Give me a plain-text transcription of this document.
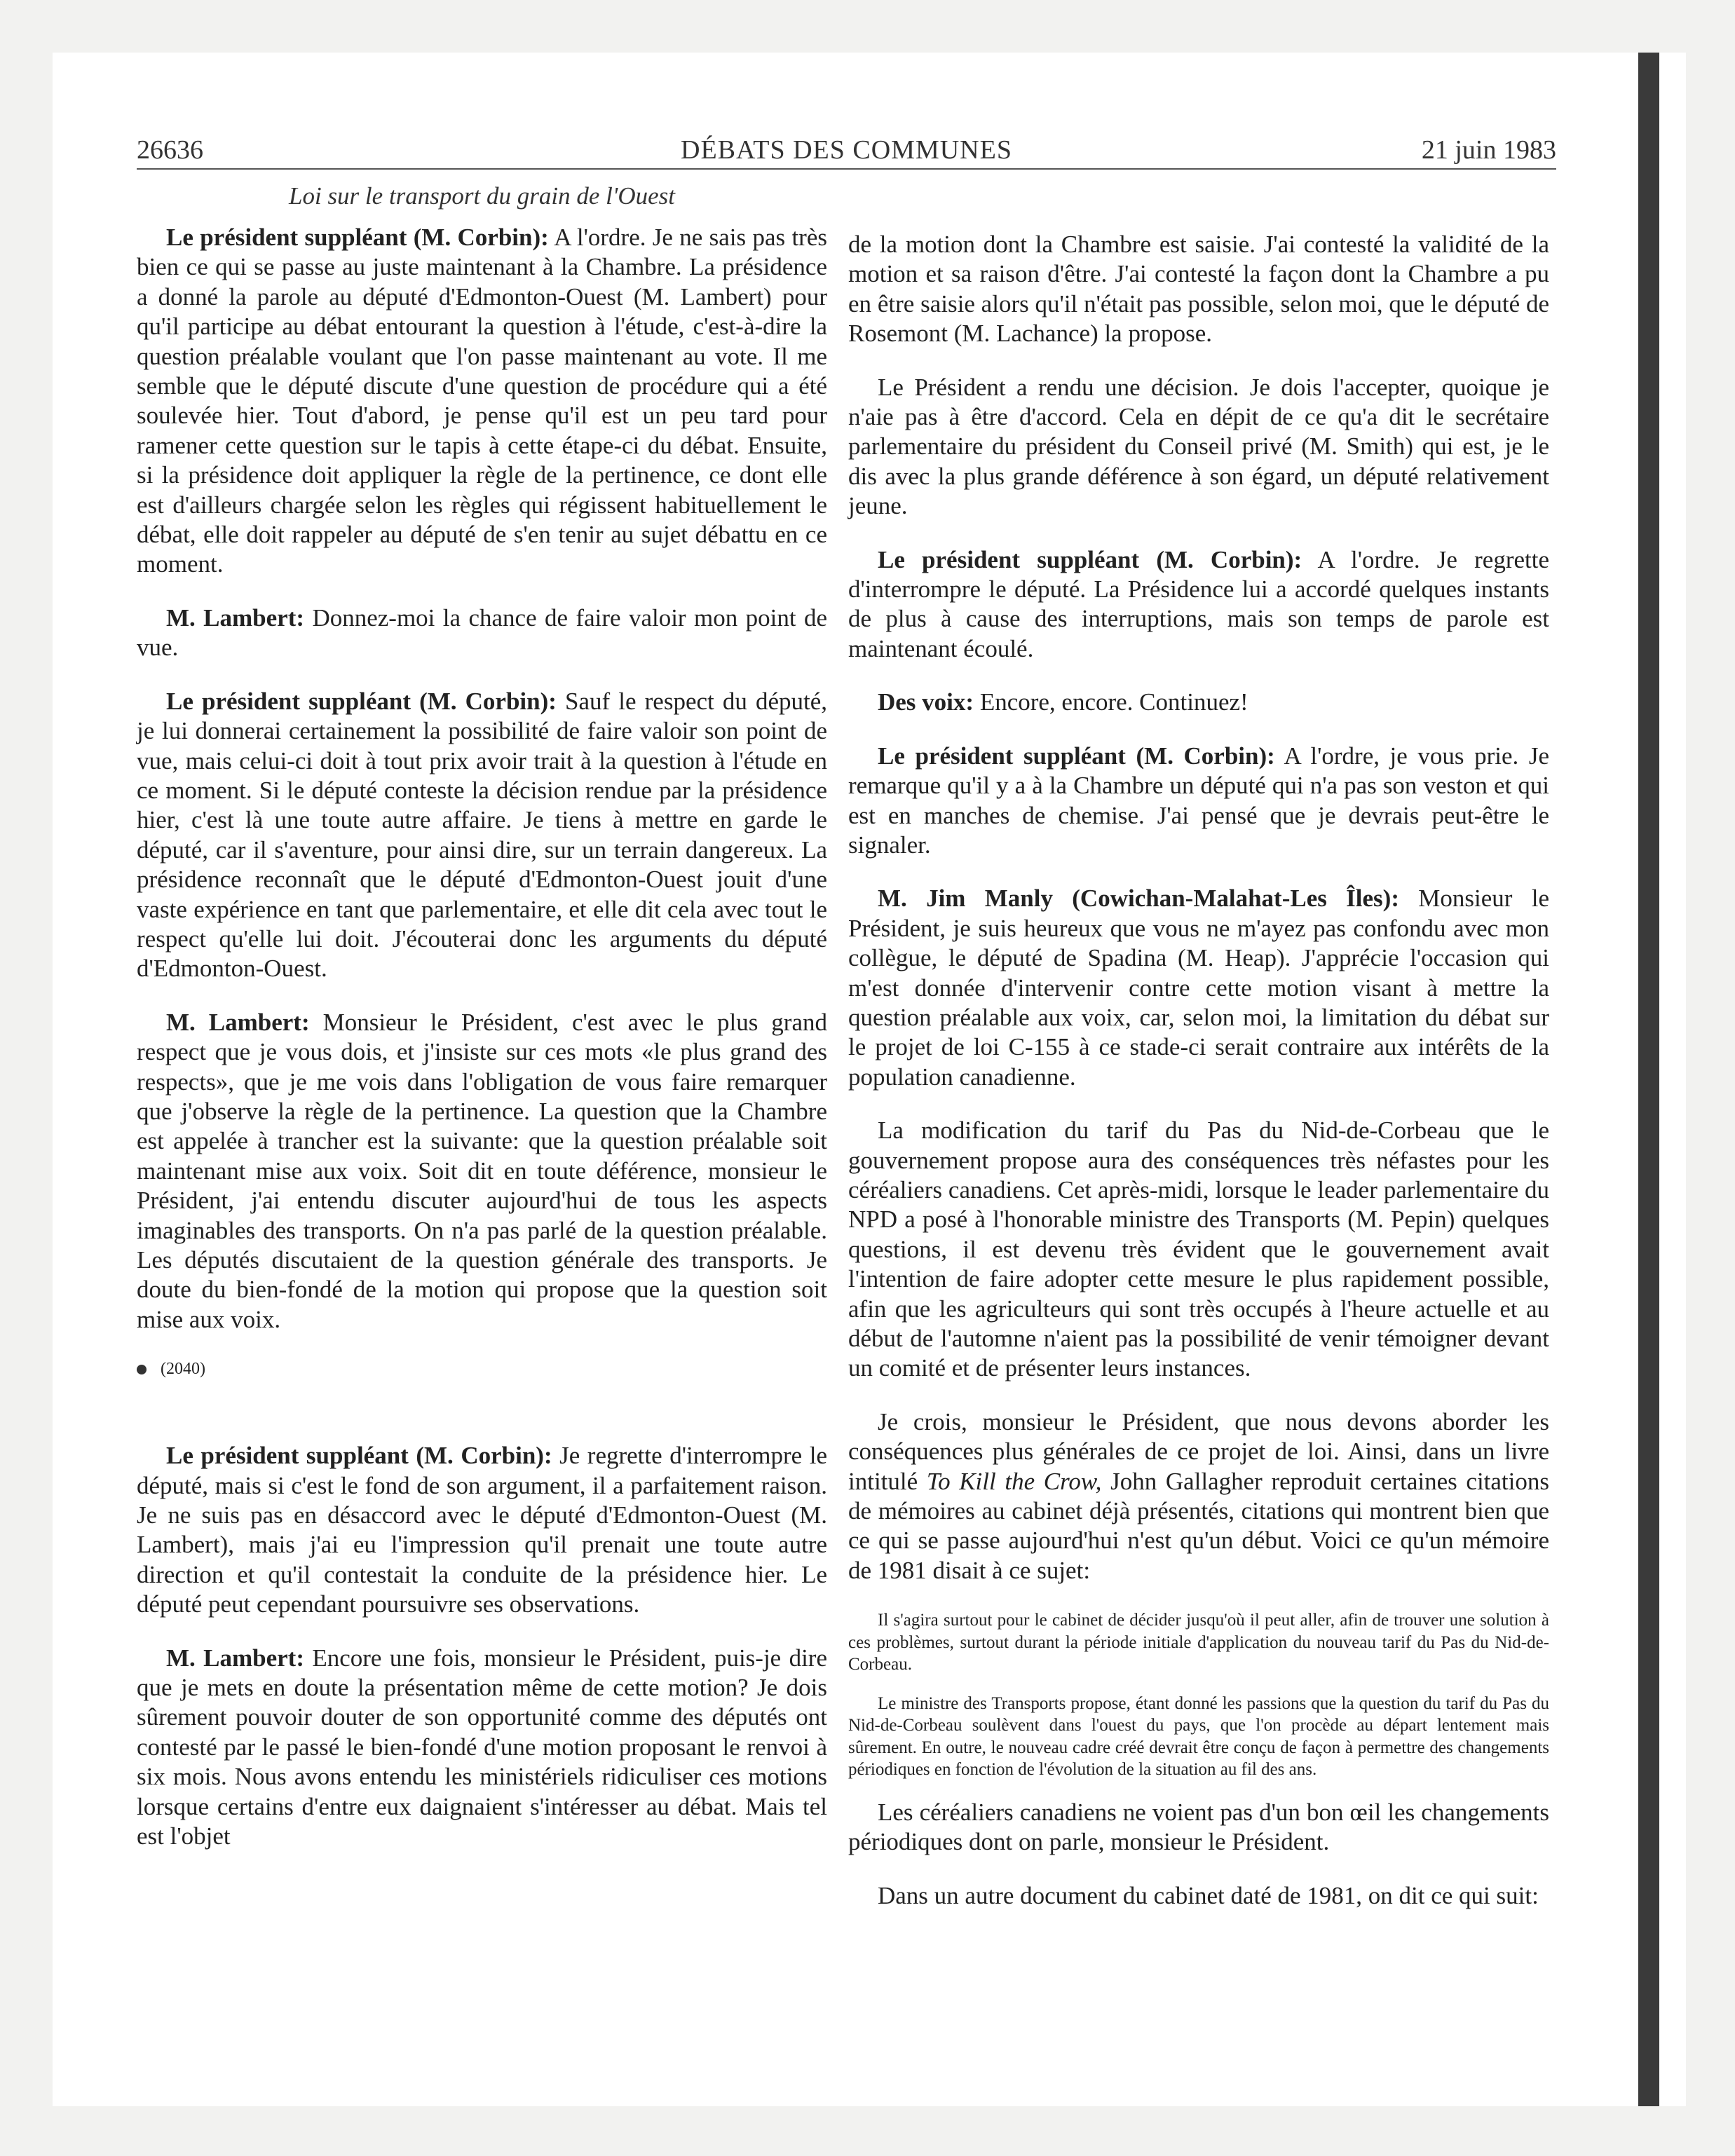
26636	DÉBATS DES COMMUNES	21 juin 1983
Loi sur le transport du grain de l'Ouest

Le président suppléant (M. Corbin): A l'ordre. Je ne sais pas très bien ce qui se passe au juste maintenant à la Chambre. La présidence a donné la parole au député d'Edmonton-Ouest (M. Lambert) pour qu'il participe au débat entourant la question à l'étude, c'est-à-dire la question préalable voulant que l'on passe maintenant au vote. Il me semble que le député discute d'une question de procédure qui a été soulevée hier. Tout d'abord, je pense qu'il est un peu tard pour ramener cette question sur le tapis à cette étape-ci du débat. Ensuite, si la présidence doit appliquer la règle de la pertinence, ce dont elle est d'ailleurs chargée selon les règles qui régissent habituellement le débat, elle doit rappeler au député de s'en tenir au sujet débattu en ce moment.

M. Lambert: Donnez-moi la chance de faire valoir mon point de vue.

Le président suppléant (M. Corbin): Sauf le respect du député, je lui donnerai certainement la possibilité de faire valoir son point de vue, mais celui-ci doit à tout prix avoir trait à la question à l'étude en ce moment. Si le député conteste la décision rendue par la présidence hier, c'est là une toute autre affaire. Je tiens à mettre en garde le député, car il s'aventure, pour ainsi dire, sur un terrain dangereux. La présidence reconnaît que le député d'Edmonton-Ouest jouit d'une vaste expérience en tant que parlementaire, et elle dit cela avec tout le respect qu'elle lui doit. J'écouterai donc les arguments du député d'Edmonton-Ouest.

M. Lambert: Monsieur le Président, c'est avec le plus grand respect que je vous dois, et j'insiste sur ces mots «le plus grand des respects», que je me vois dans l'obligation de vous faire remarquer que j'observe la règle de la pertinence. La question que la Chambre est appelée à trancher est la suivante: que la question préalable soit maintenant mise aux voix. Soit dit en toute déférence, monsieur le Président, j'ai entendu discuter aujourd'hui de tous les aspects imaginables des transports. On n'a pas parlé de la question préalable. Les députés discutaient de la question générale des transports. Je doute du bien-fondé de la motion qui propose que la question soit mise aux voix.

(2040)

Le président suppléant (M. Corbin): Je regrette d'interrompre le député, mais si c'est le fond de son argument, il a parfaitement raison. Je ne suis pas en désaccord avec le député d'Edmonton-Ouest (M. Lambert), mais j'ai eu l'impression qu'il prenait une toute autre direction et qu'il contestait la conduite de la présidence hier. Le député peut cependant poursuivre ses observations.

M. Lambert: Encore une fois, monsieur le Président, puis-je dire que je mets en doute la présentation même de cette motion? Je dois sûrement pouvoir douter de son opportunité comme des députés ont contesté par le passé le bien-fondé d'une motion proposant le renvoi à six mois. Nous avons entendu les ministériels ridiculiser ces motions lorsque certains d'entre eux daignaient s'intéresser au débat. Mais tel est l'objet

de la motion dont la Chambre est saisie. J'ai contesté la validité de la motion et sa raison d'être. J'ai contesté la façon dont la Chambre a pu en être saisie alors qu'il n'était pas possible, selon moi, que le député de Rosemont (M. Lachance) la propose.

Le Président a rendu une décision. Je dois l'accepter, quoique je n'aie pas à être d'accord. Cela en dépit de ce qu'a dit le secrétaire parlementaire du président du Conseil privé (M. Smith) qui est, je le dis avec la plus grande déférence à son égard, un député relativement jeune.

Le président suppléant (M. Corbin): A l'ordre. Je regrette d'interrompre le député. La Présidence lui a accordé quelques instants de plus à cause des interruptions, mais son temps de parole est maintenant écoulé.

Des voix: Encore, encore. Continuez!

Le président suppléant (M. Corbin): A l'ordre, je vous prie. Je remarque qu'il y a à la Chambre un député qui n'a pas son veston et qui est en manches de chemise. J'ai pensé que je devrais peut-être le signaler.

M. Jim Manly (Cowichan-Malahat-Les Îles): Monsieur le Président, je suis heureux que vous ne m'ayez pas confondu avec mon collègue, le député de Spadina (M. Heap). J'apprécie l'occasion qui m'est donnée d'intervenir contre cette motion visant à mettre la question préalable aux voix, car, selon moi, la limitation du débat sur le projet de loi C-155 à ce stade-ci serait contraire aux intérêts de la population canadienne.

La modification du tarif du Pas du Nid-de-Corbeau que le gouvernement propose aura des conséquences très néfastes pour les céréaliers canadiens. Cet après-midi, lorsque le leader parlementaire du NPD a posé à l'honorable ministre des Transports (M. Pepin) quelques questions, il est devenu très évident que le gouvernement avait l'intention de faire adopter cette mesure le plus rapidement possible, afin que les agriculteurs qui sont très occupés à l'heure actuelle et au début de l'automne n'aient pas la possibilité de venir témoigner devant un comité et de présenter leurs instances.

Je crois, monsieur le Président, que nous devons aborder les conséquences plus générales de ce projet de loi. Ainsi, dans un livre intitulé To Kill the Crow, John Gallagher reproduit certaines citations de mémoires au cabinet déjà présentés, citations qui montrent bien que ce qui se passe aujourd'hui n'est qu'un début. Voici ce qu'un mémoire de 1981 disait à ce sujet:

Il s'agira surtout pour le cabinet de décider jusqu'où il peut aller, afin de trouver une solution à ces problèmes, surtout durant la période initiale d'application du nouveau tarif du Pas du Nid-de-Corbeau.

Le ministre des Transports propose, étant donné les passions que la question du tarif du Pas du Nid-de-Corbeau soulèvent dans l'ouest du pays, que l'on procède au départ lentement mais sûrement. En outre, le nouveau cadre créé devrait être conçu de façon à permettre des changements périodiques en fonction de l'évolution de la situation au fil des ans.

Les céréaliers canadiens ne voient pas d'un bon œil les changements périodiques dont on parle, monsieur le Président.

Dans un autre document du cabinet daté de 1981, on dit ce qui suit:
